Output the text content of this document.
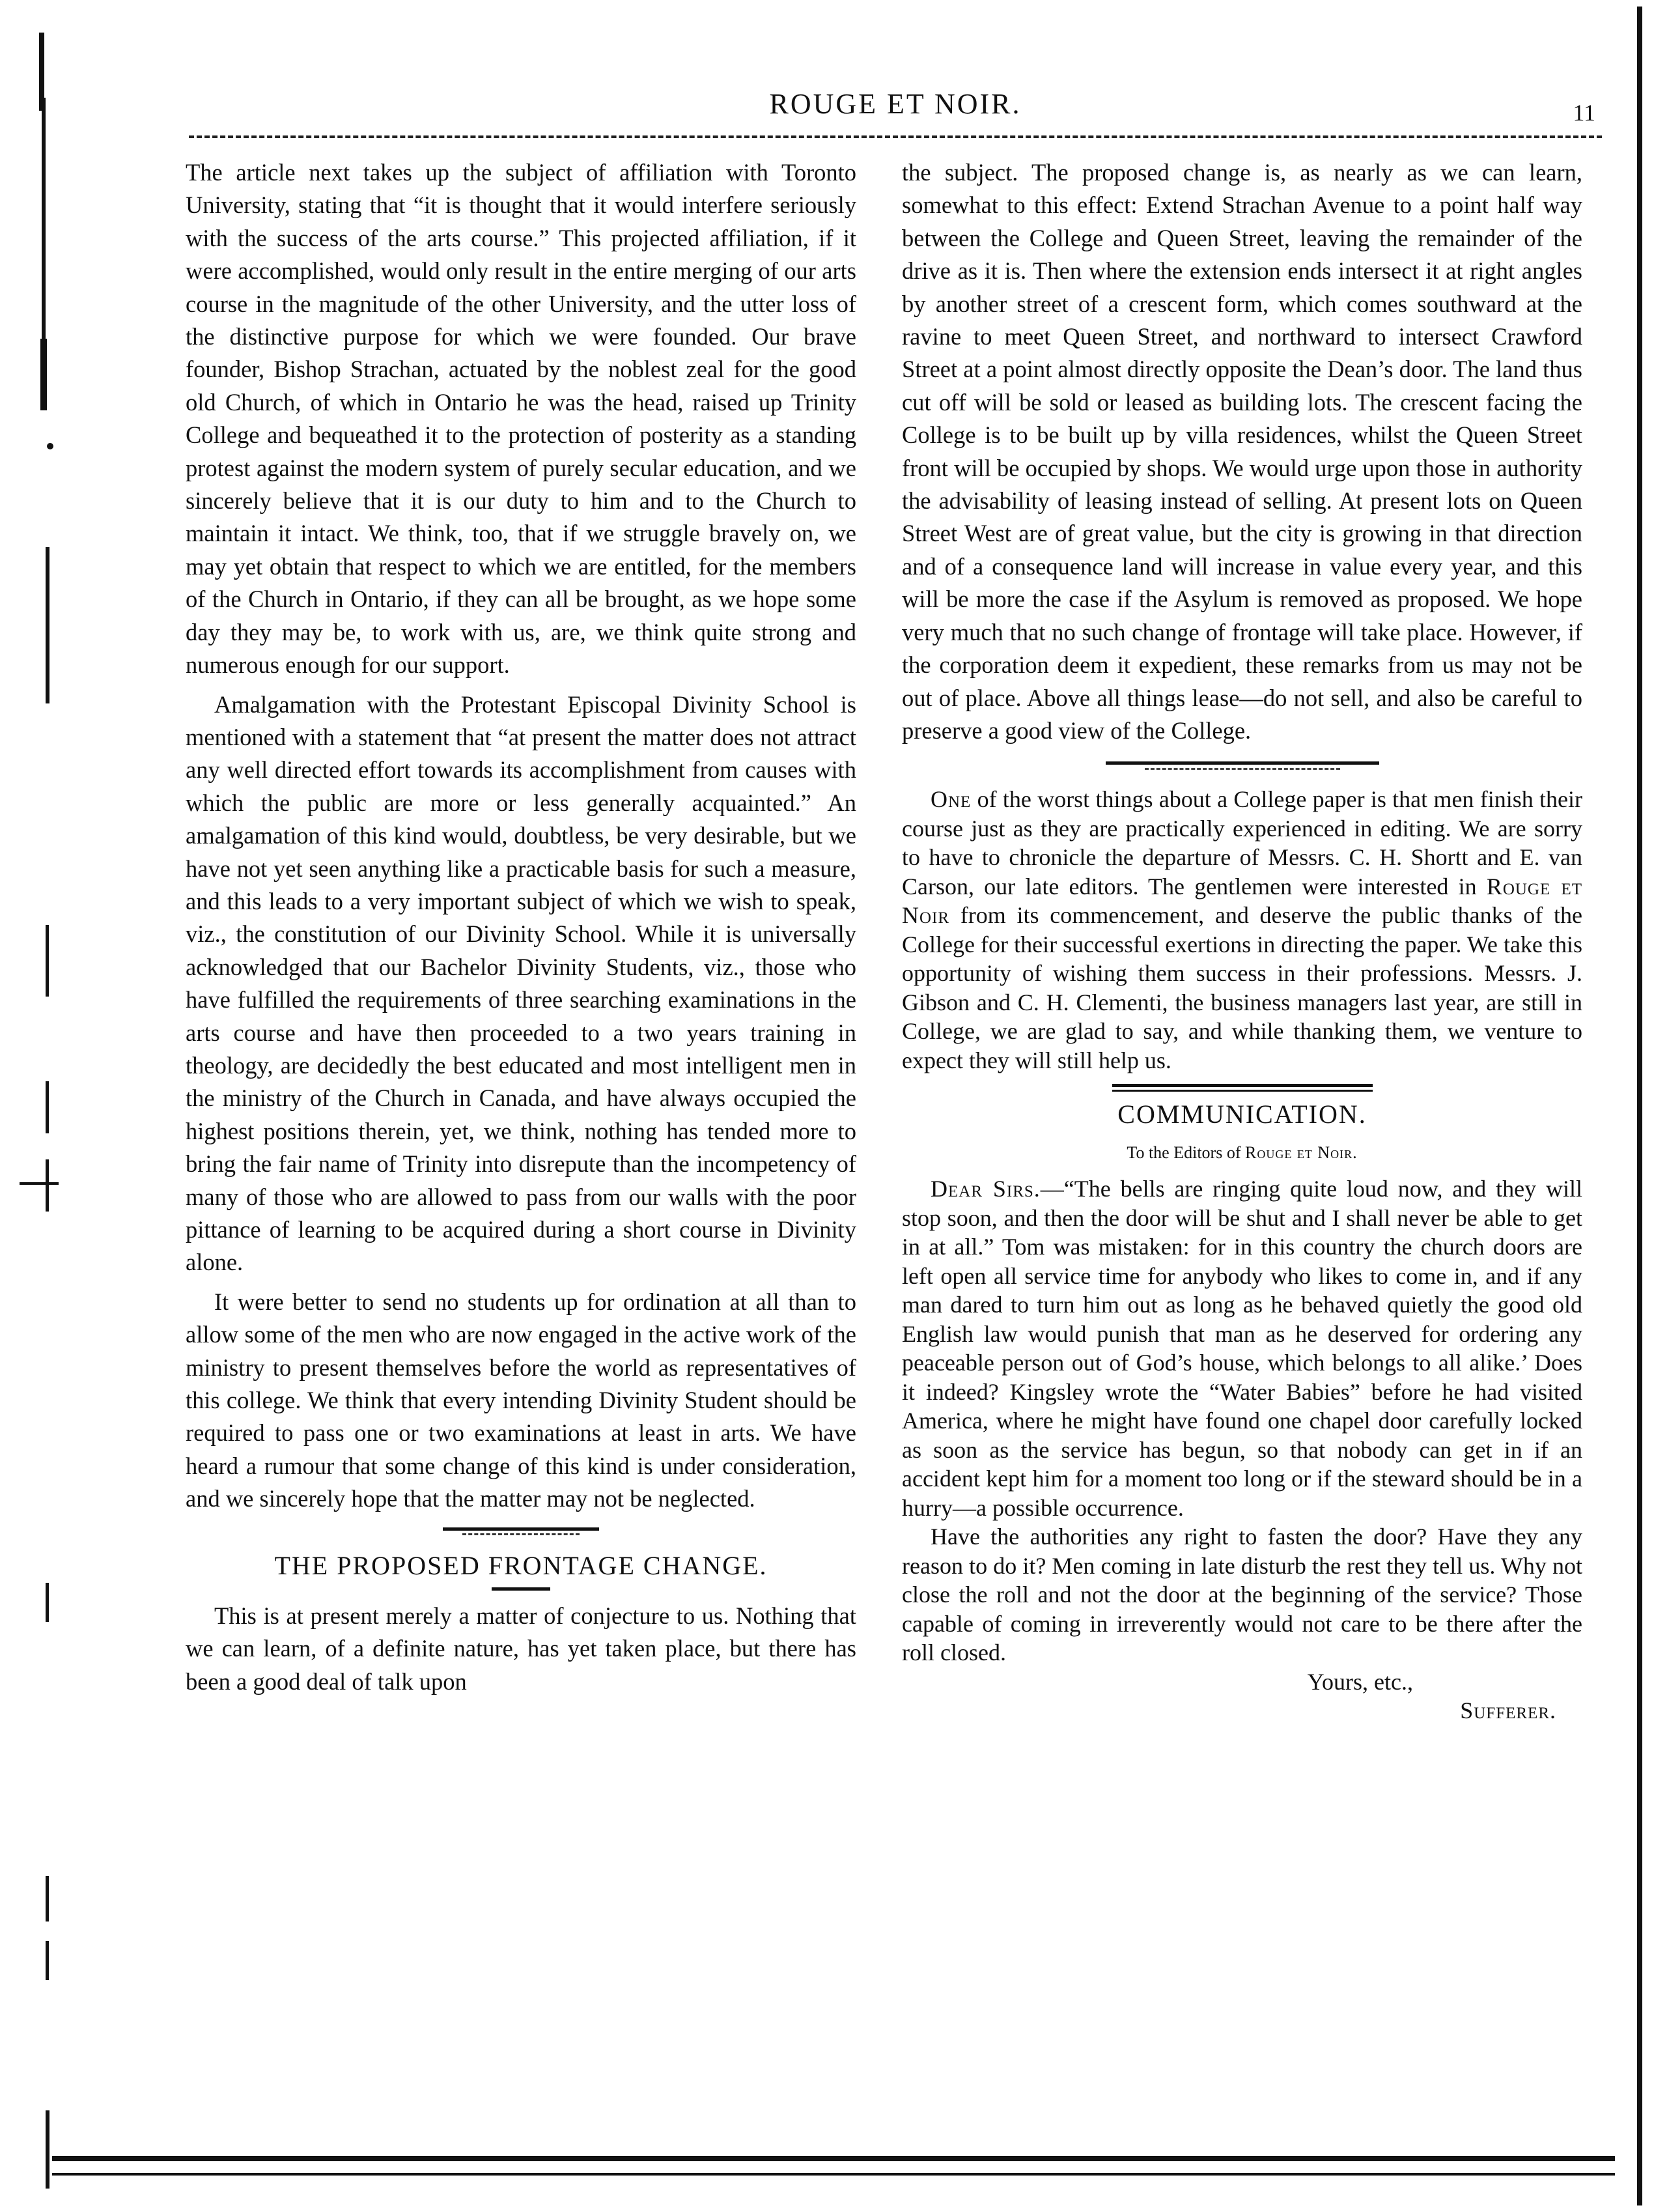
ROUGE ET NOIR.	11

The article next takes up the subject of affiliation with Toronto University, stating that “it is thought that it would interfere seriously with the success of the arts course.” This projected affiliation, if it were accomplished, would only result in the entire merging of our arts course in the magnitude of the other University, and the utter loss of the distinctive purpose for which we were founded. Our brave founder, Bishop Strachan, actuated by the noblest zeal for the good old Church, of which in Ontario he was the head, raised up Trinity College and bequeathed it to the protection of posterity as a standing protest against the modern system of purely secular education, and we sincerely believe that it is our duty to him and to the Church to maintain it intact. We think, too, that if we struggle bravely on, we may yet obtain that respect to which we are entitled, for the members of the Church in Ontario, if they can all be brought, as we hope some day they may be, to work with us, are, we think quite strong and numerous enough for our support.

Amalgamation with the Protestant Episcopal Divinity School is mentioned with a statement that “at present the matter does not attract any well directed effort towards its accomplishment from causes with which the public are more or less generally acquainted.” An amalgamation of this kind would, doubtless, be very desirable, but we have not yet seen anything like a practicable basis for such a measure, and this leads to a very important subject of which we wish to speak, viz., the constitution of our Divinity School. While it is universally acknowledged that our Bachelor Divinity Students, viz., those who have fulfilled the requirements of three searching examinations in the arts course and have then proceeded to a two years training in theology, are decidedly the best educated and most intelligent men in the ministry of the Church in Canada, and have always occupied the highest positions therein, yet, we think, nothing has tended more to bring the fair name of Trinity into disrepute than the incompetency of many of those who are allowed to pass from our walls with the poor pittance of learning to be acquired during a short course in Divinity alone.

It were better to send no students up for ordination at all than to allow some of the men who are now engaged in the active work of the ministry to present themselves before the world as representatives of this college. We think that every intending Divinity Student should be required to pass one or two examinations at least in arts. We have heard a rumour that some change of this kind is under consideration, and we sincerely hope that the matter may not be neglected.

THE PROPOSED FRONTAGE CHANGE.

This is at present merely a matter of conjecture to us. Nothing that we can learn, of a definite nature, has yet taken place, but there has been a good deal of talk upon

the subject. The proposed change is, as nearly as we can learn, somewhat to this effect: Extend Strachan Avenue to a point half way between the College and Queen Street, leaving the remainder of the drive as it is. Then where the extension ends intersect it at right angles by another street of a crescent form, which comes southward at the ravine to meet Queen Street, and northward to intersect Crawford Street at a point almost directly opposite the Dean’s door. The land thus cut off will be sold or leased as building lots. The crescent facing the College is to be built up by villa residences, whilst the Queen Street front will be occupied by shops. We would urge upon those in authority the advisability of leasing instead of selling. At present lots on Queen Street West are of great value, but the city is growing in that direction and of a consequence land will increase in value every year, and this will be more the case if the Asylum is removed as proposed. We hope very much that no such change of frontage will take place. However, if the corporation deem it expedient, these remarks from us may not be out of place. Above all things lease—do not sell, and also be careful to preserve a good view of the College.

One of the worst things about a College paper is that men finish their course just as they are practically experienced in editing. We are sorry to have to chronicle the departure of Messrs. C. H. Shortt and E. van Carson, our late editors. The gentlemen were interested in Rouge et Noir from its commencement, and deserve the public thanks of the College for their successful exertions in directing the paper. We take this opportunity of wishing them success in their professions. Messrs. J. Gibson and C. H. Clementi, the business managers last year, are still in College, we are glad to say, and while thanking them, we venture to expect they will still help us.

COMMUNICATION.
To the Editors of Rouge et Noir.

Dear Sirs.—“The bells are ringing quite loud now, and they will stop soon, and then the door will be shut and I shall never be able to get in at all.” Tom was mistaken: for in this country the church doors are left open all service time for anybody who likes to come in, and if any man dared to turn him out as long as he behaved quietly the good old English law would punish that man as he deserved for ordering any peaceable person out of God’s house, which belongs to all alike.’ Does it indeed? Kingsley wrote the “Water Babies” before he had visited America, where he might have found one chapel door carefully locked as soon as the service has begun, so that nobody can get in if an accident kept him for a moment too long or if the steward should be in a hurry—a possible occurrence.

Have the authorities any right to fasten the door? Have they any reason to do it? Men coming in late disturb the rest they tell us. Why not close the roll and not the door at the beginning of the service? Those capable of coming in irreverently would not care to be there after the roll closed.

Yours, etc.,

Sufferer.
